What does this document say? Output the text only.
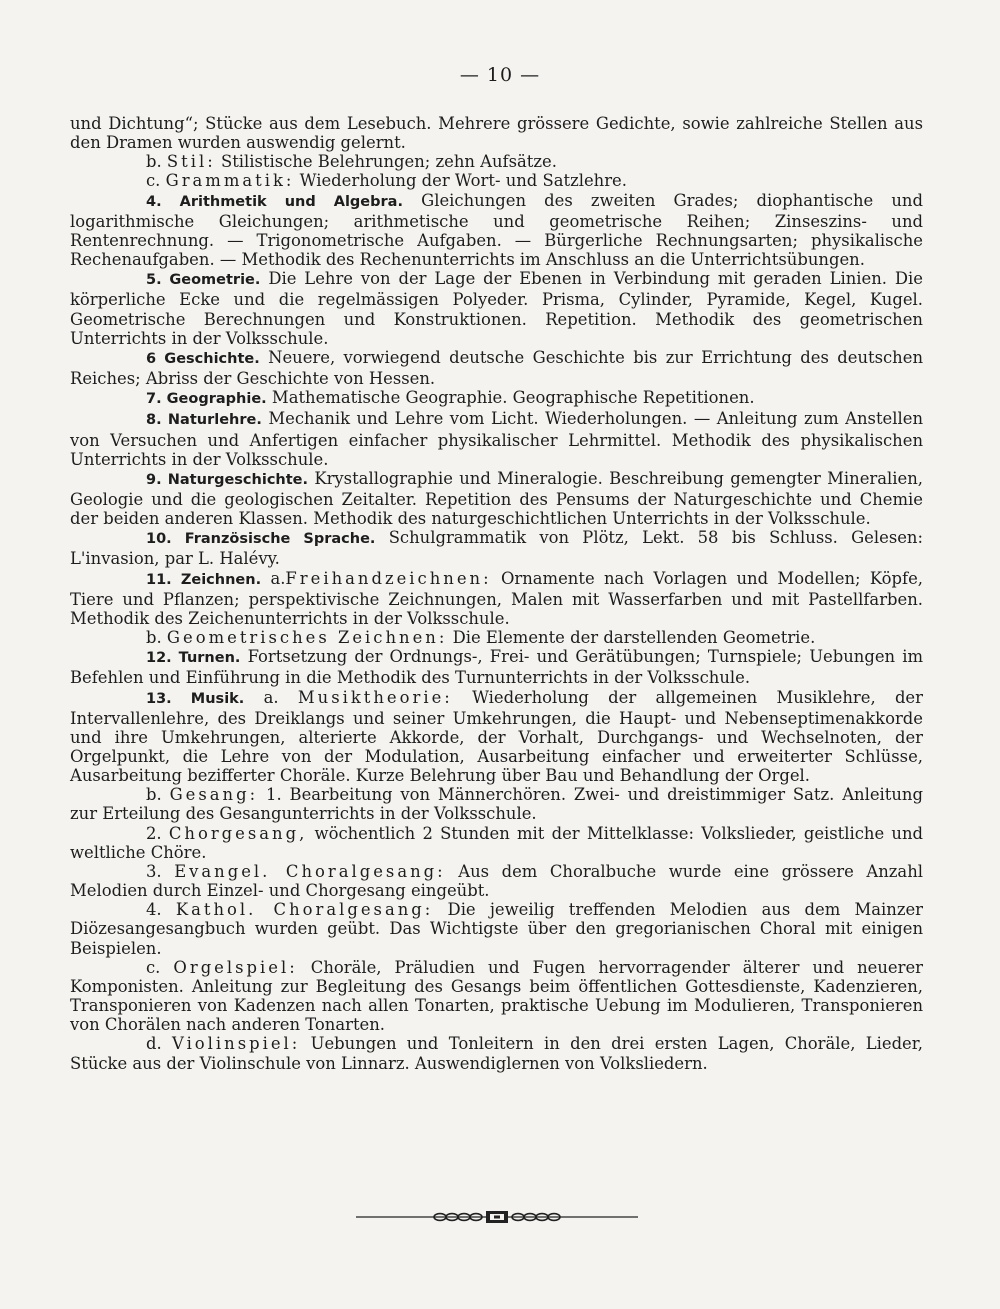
— 10 —

und Dichtung“; Stücke aus dem Lesebuch. Mehrere grössere Gedichte, sowie zahlreiche Stellen aus den Dramen wurden auswendig gelernt.

b. Stil: Stilistische Belehrungen; zehn Aufsätze.

c. Grammatik: Wiederholung der Wort- und Satzlehre.

4. Arithmetik und Algebra. Gleichungen des zweiten Grades; diophantische und logarithmische Gleichungen; arithmetische und geometrische Reihen; Zinseszins- und Rentenrechnung. — Trigonometrische Aufgaben. — Bürgerliche Rechnungsarten; physikalische Rechenaufgaben. — Methodik des Rechenunterrichts im Anschluss an die Unterrichtsübungen.

5. Geometrie. Die Lehre von der Lage der Ebenen in Verbindung mit geraden Linien. Die körperliche Ecke und die regelmässigen Polyeder. Prisma, Cylinder, Pyramide, Kegel, Kugel. Geometrische Berechnungen und Konstruktionen. Repetition. Methodik des geometrischen Unterrichts in der Volksschule.

6 Geschichte. Neuere, vorwiegend deutsche Geschichte bis zur Errichtung des deutschen Reiches; Abriss der Geschichte von Hessen.

7. Geographie. Mathematische Geographie. Geographische Repetitionen.

8. Naturlehre. Mechanik und Lehre vom Licht. Wiederholungen. — Anleitung zum Anstellen von Versuchen und Anfertigen einfacher physikalischer Lehrmittel. Methodik des physikalischen Unterrichts in der Volksschule.

9. Naturgeschichte. Krystallographie und Mineralogie. Beschreibung gemengter Mineralien, Geologie und die geologischen Zeitalter. Repetition des Pensums der Naturgeschichte und Chemie der beiden anderen Klassen. Methodik des naturgeschichtlichen Unterrichts in der Volksschule.

10. Französische Sprache. Schulgrammatik von Plötz, Lekt. 58 bis Schluss. Gelesen: L'invasion, par L. Halévy.

11. Zeichnen. a.Freihandzeichnen: Ornamente nach Vorlagen und Modellen; Köpfe, Tiere und Pflanzen; perspektivische Zeichnungen, Malen mit Wasserfarben und mit Pastellfarben. Methodik des Zeichenunterrichts in der Volksschule.

b. Geometrisches Zeichnen: Die Elemente der darstellenden Geometrie.

12. Turnen. Fortsetzung der Ordnungs-, Frei- und Gerätübungen; Turnspiele; Uebungen im Befehlen und Einführung in die Methodik des Turnunterrichts in der Volksschule.

13. Musik. a. Musiktheorie: Wiederholung der allgemeinen Musiklehre, der Intervallenlehre, des Dreiklangs und seiner Umkehrungen, die Haupt- und Nebenseptimenakkorde und ihre Umkehrungen, alterierte Akkorde, der Vorhalt, Durchgangs- und Wechselnoten, der Orgelpunkt, die Lehre von der Modulation, Ausarbeitung einfacher und erweiterter Schlüsse, Ausarbeitung bezifferter Choräle. Kurze Belehrung über Bau und Behandlung der Orgel.

b. Gesang: 1. Bearbeitung von Männerchören. Zwei- und dreistimmiger Satz. Anleitung zur Erteilung des Gesangunterrichts in der Volksschule.

2. Chorgesang, wöchentlich 2 Stunden mit der Mittelklasse: Volkslieder, geistliche und weltliche Chöre.

3. Evangel. Choralgesang: Aus dem Choralbuche wurde eine grössere Anzahl Melodien durch Einzel- und Chorgesang eingeübt.

4. Kathol. Choralgesang: Die jeweilig treffenden Melodien aus dem Mainzer Diözesangesangbuch wurden geübt. Das Wichtigste über den gregorianischen Choral mit einigen Beispielen.

c. Orgelspiel: Choräle, Präludien und Fugen hervorragender älterer und neuerer Komponisten. Anleitung zur Begleitung des Gesangs beim öffentlichen Gottesdienste, Kadenzieren, Transponieren von Kadenzen nach allen Tonarten, praktische Uebung im Modulieren, Transponieren von Chorälen nach anderen Tonarten.

d. Violinspiel: Uebungen und Tonleitern in den drei ersten Lagen, Choräle, Lieder, Stücke aus der Violinschule von Linnarz. Auswendiglernen von Volksliedern.
